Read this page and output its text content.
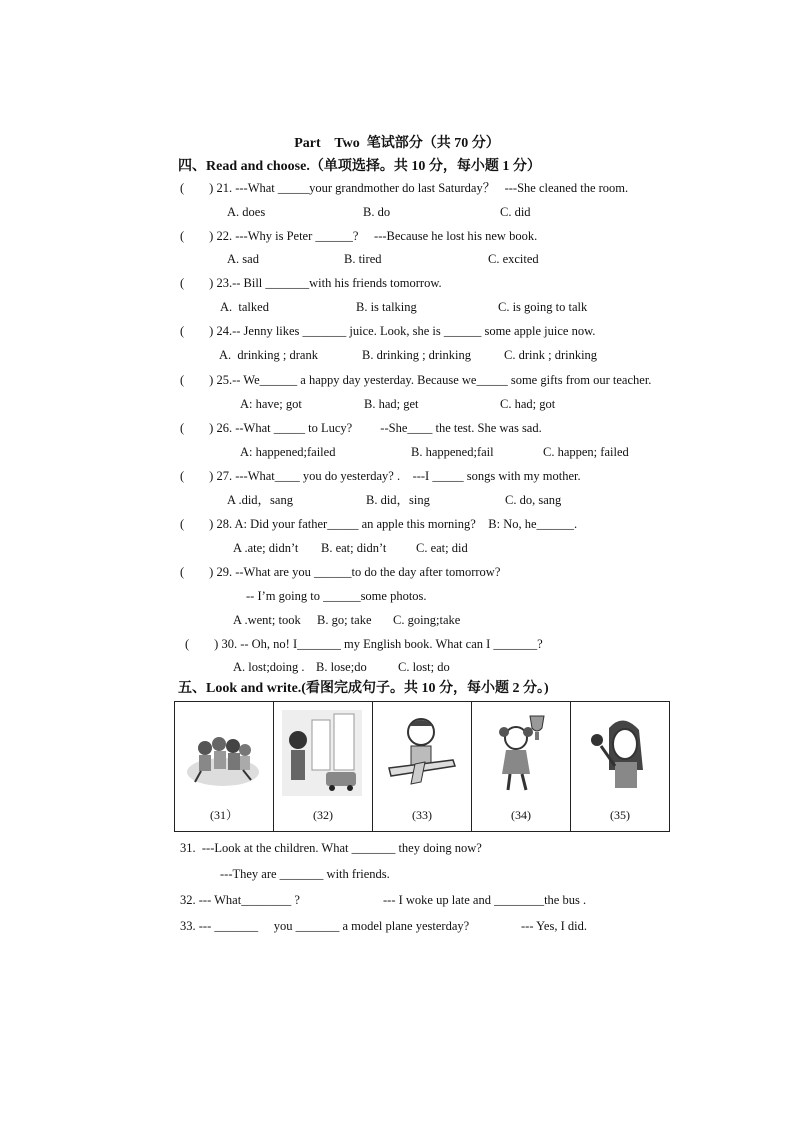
Part    Two  笔试部分（共 70 分）
四、Read and choose.（单项选择。共 10 分，每小题 1 分）
(        ) 21. ---What _____your grandmother do last Saturday？   ---She cleaned the room.
A. does	B. do	C. did
(        ) 22. ---Why is Peter ______?     ---Because he lost his new book.
A. sad	B. tired	C. excited
(        ) 23.-- Bill _______with his friends tomorrow.
A.  talked	B. is talking	C. is going to talk
(        ) 24.-- Jenny likes _______ juice. Look, she is ______ some apple juice now.
A.  drinking ; drank	B. drinking ; drinking	C. drink ; drinking
(        ) 25.-- We______ a happy day yesterday. Because we_____ some gifts from our teacher.
A: have; got	B. had; get	C. had; got
(        ) 26. --What _____ to Lucy?         --She____ the test. She was sad.
A: happened;failed	B. happened;fail	C. happen; failed
(        ) 27. ---What____ you do yesterday? .    ---I _____ songs with my mother.
A .did，sang	B. did，sing	C. do, sang
(        ) 28. A: Did your father_____ an apple this morning?    B: No, he______.
A .ate; didn’t B. eat; didn’t C. eat; did
(        ) 29. --What are you ______to do the day after tomorrow?
-- I’m going to ______some photos.
A .went; took B. go; take C. going;take
(        ) 30. -- Oh, no! I_______ my English book. What can I _______?
A. lost;doing . B. lose;do	C. lost; do
五、Look and write.(看图完成句子。共 10 分，每小题 2 分。)
(31）	(32)	(33)	(34)	(35)
31.  ---Look at the children. What _______ they doing now?
---They are _______ with friends.
32. --- What________ ?	--- I woke up late and ________the bus .
33. --- _______     you _______ a model plane yesterday?	--- Yes, I did.
